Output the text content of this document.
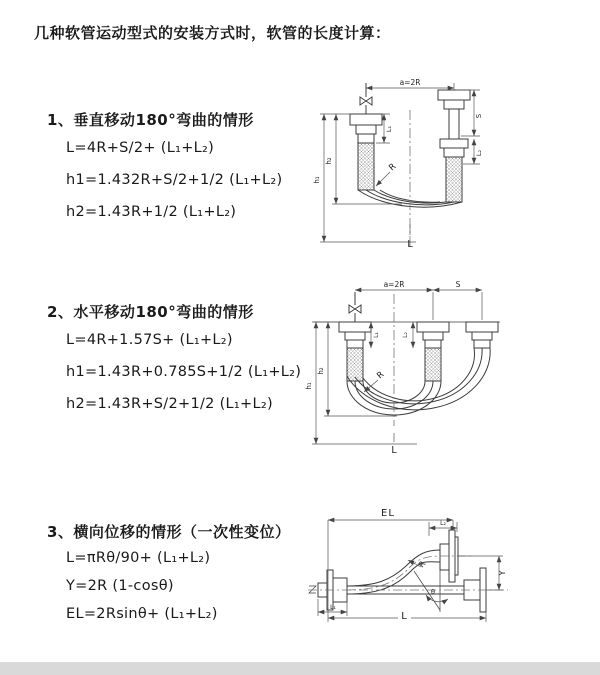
几种软管运动型式的安装方式时，软管的长度计算：
1、垂直移动180°弯曲的情形
L=4R+S/2+ (L₁+L₂)
h1=1.432R+S/2+1/2 (L₁+L₂)
h2=1.43R+1/2 (L₁+L₂)
a=2R
S
L₂
L₁
h₁
h₂
R
L
2、水平移动180°弯曲的情形
L=4R+1.57S+ (L₁+L₂)
h1=1.43R+0.785S+1/2 (L₁+L₂)
h2=1.43R+S/2+1/2 (L₁+L₂)
a=2R	S
h₁
h₂
L₁	L₂
R
L
3、横向位移的情形（一次性变位）
L=πRθ/90+ (L₁+L₂)
Y=2R (1-cosθ)
EL=2Rsinθ+ (L₁+L₂)
EL
L₂
Y
R
θ
L₁
L
